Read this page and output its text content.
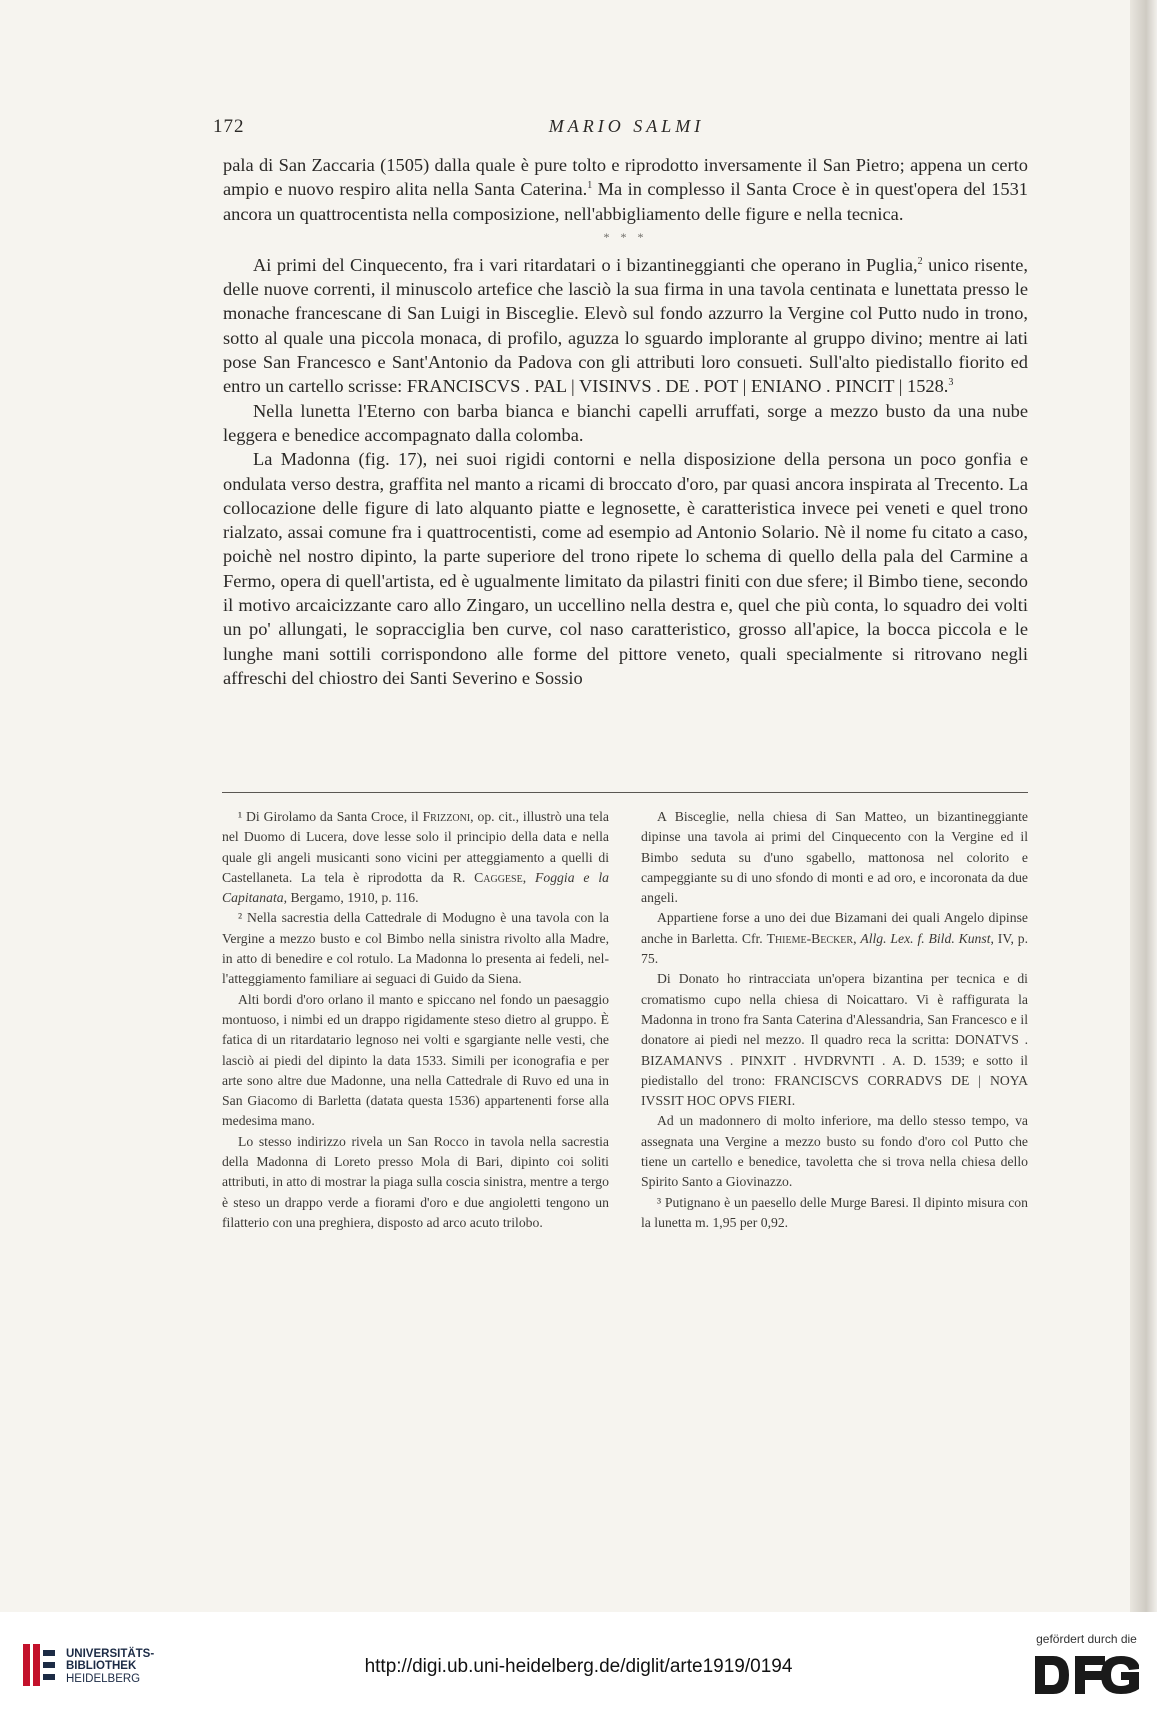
172	MARIO SALMI

pala di San Zaccaria (1505) dalla quale è pure tolto e riprodotto inversamente il San Pietro; appena un certo ampio e nuovo respiro alita nella Santa Caterina.$^1$ Ma in complesso il Santa Croce è in quest'opera del 1531 ancora un quattrocentista nella composizione, nell'abbigliamento delle figure e nella tecnica.

* * *

Ai primi del Cinquecento, fra i vari ritardatari o i bizantineggianti che operano in Puglia,$^2$ unico risente, delle nuove correnti, il minuscolo artefice che lasciò la sua firma in una tavola centinata e lunettata presso le monache francescane di San Luigi in Bisceglie. Elevò sul fondo azzurro la Vergine col Putto nudo in trono, sotto al quale una piccola monaca, di profilo, aguzza lo sguardo implorante al gruppo divino; mentre ai lati pose San Francesco e Sant'Antonio da Padova con gli attributi loro consueti. Sull'alto piedistallo fiorito ed entro un cartello scrisse: FRANCISCVS . PAL | VISINVS . DE . POT | ENIANO . PINCIT | 1528.$^3$

Nella lunetta l'Eterno con barba bianca e bianchi capelli arruffati, sorge a mezzo busto da una nube leggera e benedice accompagnato dalla colomba.

La Madonna (fig. 17), nei suoi rigidi contorni e nella disposizione della persona un poco gonfia e ondulata verso destra, graffita nel manto a ricami di broccato d'oro, par quasi ancora inspirata al Trecento. La collocazione delle figure di lato alquanto piatte e legnosette, è caratteristica invece pei veneti e quel trono rialzato, assai comune fra i quattrocentisti, come ad esempio ad Antonio Solario. Nè il nome fu citato a caso, poichè nel nostro dipinto, la parte superiore del trono ripete lo schema di quello della pala del Carmine a Fermo, opera di quell'artista, ed è ugualmente limitato da pilastri finiti con due sfere; il Bimbo tiene, secondo il motivo arcaicizzante caro allo Zingaro, un uccellino nella destra e, quel che più conta, lo squadro dei volti un po' allungati, le sopracciglia ben curve, col naso caratteristico, grosso all'apice, la bocca piccola e le lunghe mani sottili corrispondono alle forme del pittore veneto, quali specialmente si ritrovano negli affreschi del chiostro dei Santi Severino e Sossio

¹ Di Girolamo da Santa Croce, il Frizzoni, op. cit., illustrò una tela nel Duomo di Lucera, dove lesse solo il principio della data e nella quale gli angeli musicanti sono vicini per atteggiamento a quelli di Castellaneta. La tela è riprodotta da R. Caggese, Foggia e la Capitanata, Bergamo, 1910, p. 116.

² Nella sacrestia della Cattedrale di Modugno è una tavola con la Vergine a mezzo busto e col Bimbo nella sinistra rivolto alla Madre, in atto di benedire e col rotulo. La Madonna lo presenta ai fedeli, nell'atteggiamento familiare ai seguaci di Guido da Siena.

Alti bordi d'oro orlano il manto e spiccano nel fondo un paesaggio montuoso, i nimbi ed un drappo rigidamente steso dietro al gruppo. È fatica di un ritardatario legnoso nei volti e sgargiante nelle vesti, che lasciò ai piedi del dipinto la data 1533. Simili per iconografia e per arte sono altre due Madonne, una nella Cattedrale di Ruvo ed una in San Giacomo di Barletta (datata questa 1536) appartenenti forse alla medesima mano.

Lo stesso indirizzo rivela un San Rocco in tavola nella sacrestia della Madonna di Loreto presso Mola di Bari, dipinto coi soliti attributi, in atto di mostrar la piaga sulla coscia sinistra, mentre a tergo è steso un drappo verde a fiorami d'oro e due angioletti tengono un filatterio con una preghiera, disposto ad arco acuto trilobo.

A Bisceglie, nella chiesa di San Matteo, un bizantineggiante dipinse una tavola ai primi del Cinquecento con la Vergine ed il Bimbo seduta su d'uno sgabello, mattonosa nel colorito e campeggiante su di uno sfondo di monti e ad oro, e incoronata da due angeli.

Appartiene forse a uno dei due Bizamani dei quali Angelo dipinse anche in Barletta. Cfr. Thieme-Becker, Allg. Lex. f. Bild. Kunst, IV, p. 75.

Di Donato ho rintracciata un'opera bizantina per tecnica e di cromatismo cupo nella chiesa di Noicattaro. Vi è raffigurata la Madonna in trono fra Santa Caterina d'Alessandria, San Francesco e il donatore ai piedi nel mezzo. Il quadro reca la scritta: DONATVS . BIZAMANVS . PINXIT . HVDRVNTI . A. D. 1539; e sotto il piedistallo del trono: FRANCISCVS CORRADVS DE | NOYA IVSSIT HOC OPVS FIERI.

Ad un madonnero di molto inferiore, ma dello stesso tempo, va assegnata una Vergine a mezzo busto su fondo d'oro col Putto che tiene un cartello e benedice, tavoletta che si trova nella chiesa dello Spirito Santo a Giovinazzo.

³ Putignano è un paesello delle Murge Baresi. Il dipinto misura con la lunetta m. 1,95 per 0,92.

UNIVERSITÄTS-
BIBLIOTHEK
HEIDELBERG
http://digi.ub.uni-heidelberg.de/diglit/arte1919/0194
gefördert durch die
